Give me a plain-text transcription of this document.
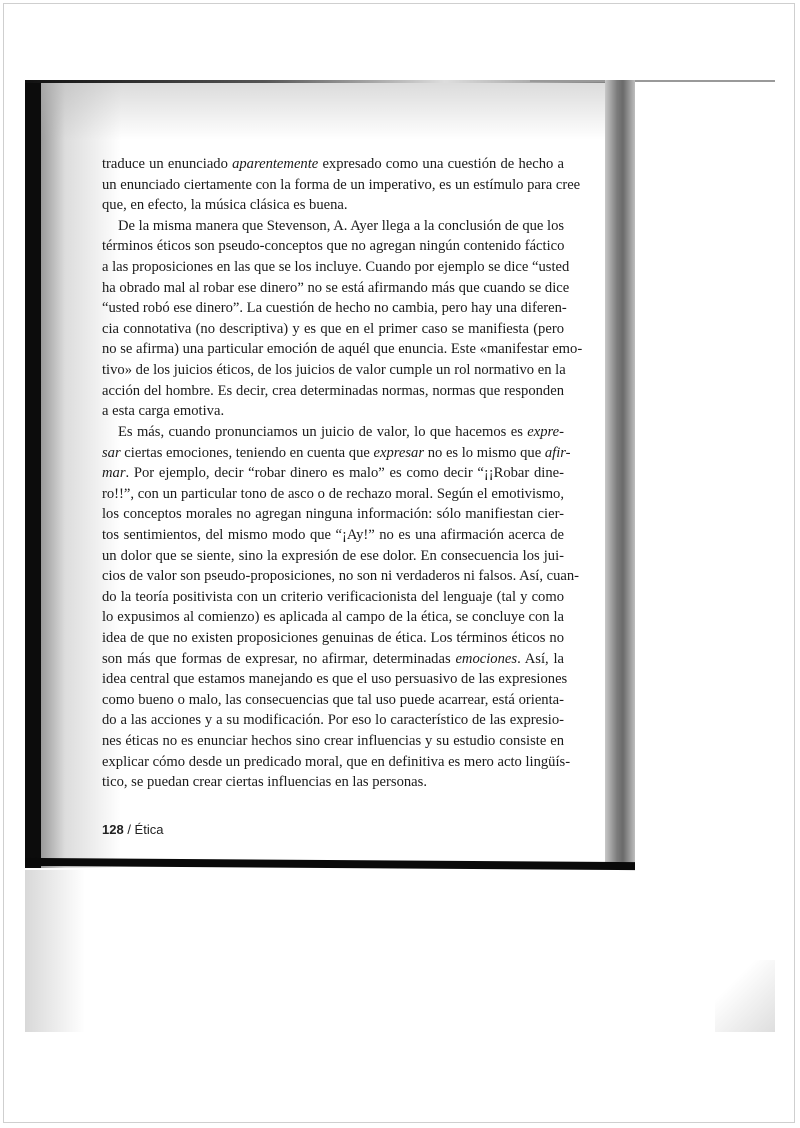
traduce un enunciado aparentemente expresado como una cuestión de hecho a
un enunciado ciertamente con la forma de un imperativo, es un estímulo para cree
que, en efecto, la música clásica es buena.
De la misma manera que Stevenson, A. Ayer llega a la conclusión de que los
términos éticos son pseudo-conceptos que no agregan ningún contenido fáctico
a las proposiciones en las que se los incluye. Cuando por ejemplo se dice “usted
ha obrado mal al robar ese dinero” no se está afirmando más que cuando se dice
“usted robó ese dinero”. La cuestión de hecho no cambia, pero hay una diferen-
cia connotativa (no descriptiva) y es que en el primer caso se manifiesta (pero
no se afirma) una particular emoción de aquél que enuncia. Este «manifestar emo-
tivo» de los juicios éticos, de los juicios de valor cumple un rol normativo en la
acción del hombre. Es decir, crea determinadas normas, normas que responden
a esta carga emotiva.
Es más, cuando pronunciamos un juicio de valor, lo que hacemos es expre-
sar ciertas emociones, teniendo en cuenta que expresar no es lo mismo que afir-
mar. Por ejemplo, decir “robar dinero es malo” es como decir “¡¡Robar dine-
ro!!”, con un particular tono de asco o de rechazo moral. Según el emotivismo,
los conceptos morales no agregan ninguna información: sólo manifiestan cier-
tos sentimientos, del mismo modo que “¡Ay!” no es una afirmación acerca de
un dolor que se siente, sino la expresión de ese dolor. En consecuencia los jui-
cios de valor son pseudo-proposiciones, no son ni verdaderos ni falsos. Así, cuan-
do la teoría positivista con un criterio verificacionista del lenguaje (tal y como
lo expusimos al comienzo) es aplicada al campo de la ética, se concluye con la
idea de que no existen proposiciones genuinas de ética. Los términos éticos no
son más que formas de expresar, no afirmar, determinadas emociones. Así, la
idea central que estamos manejando es que el uso persuasivo de las expresiones
como bueno o malo, las consecuencias que tal uso puede acarrear, está orienta-
do a las acciones y a su modificación. Por eso lo característico de las expresio-
nes éticas no es enunciar hechos sino crear influencias y su estudio consiste en
explicar cómo desde un predicado moral, que en definitiva es mero acto lingüís-
tico, se puedan crear ciertas influencias en las personas.
128 / Ética
